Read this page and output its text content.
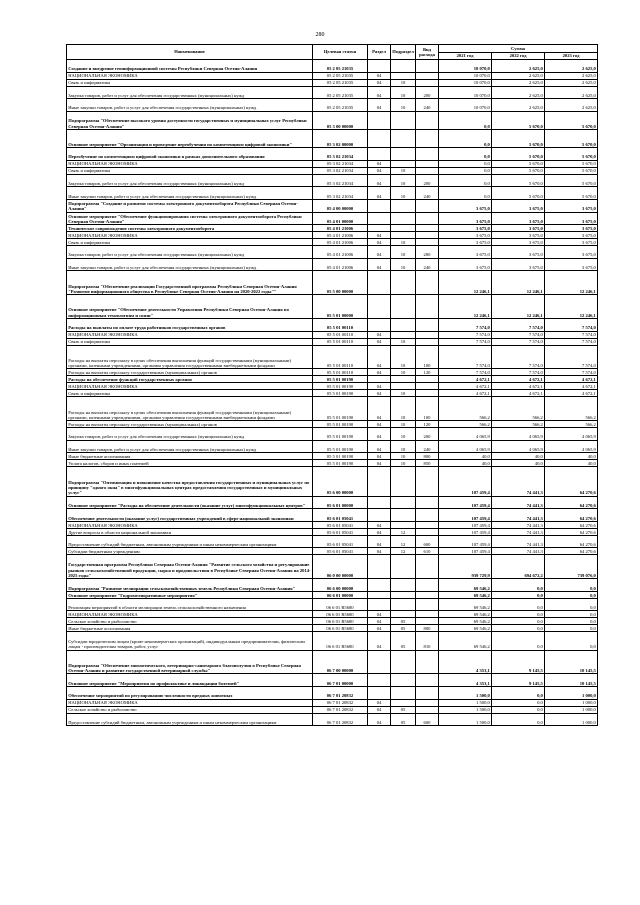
280
Наименование	Целевая статья	Раздел	Подраздел	Вид расхода	Сумма		
					2021 год	2022 год	2023 год
Создание и внедрение геоинформационной системы Республики Северная Осетия-Алания	05 2 05 21035				10 070,0	2 625,0	2 625,0
НАЦИОНАЛЬНАЯ ЭКОНОМИКА	05 2 05 21035	04			10 070,0	2 625,0	2 625,0
Связь и информатика	05 2 05 21035	04	10		10 070,0	2 625,0	2 625,0
Закупка товаров, работ и услуг для обеспечения государственных (муниципальных) нужд	05 2 05 21035	04	10	200	10 070,0	2 625,0	2 625,0
Иные закупки товаров, работ и услуг для обеспечения государственных (муниципальных) нужд	05 2 05 21035	04	10	240	10 070,0	2 625,0	2 625,0
Подпрограмма "Обеспечение высокого уровня доступности государственных и муниципальных услуг Республики Северная Осетия-Алания"	05 3 00 00000				0,0	5 670,0	5 670,0
Основное мероприятие "Организация и проведение переобучения по компетенциям цифровой экономики"	05 3 02 00000				0,0	5 670,0	5 670,0
Переобучение по компетенциям цифровой экономики в рамках дополнительного образования	05 3 02 21034				0,0	5 670,0	5 670,0
НАЦИОНАЛЬНАЯ ЭКОНОМИКА	05 3 02 21034	04			0,0	5 670,0	5 670,0
Связь и информатика	05 3 02 21034	04	10		0,0	5 670,0	5 670,0
Закупка товаров, работ и услуг для обеспечения государственных (муниципальных) нужд	05 3 02 21034	04	10	200	0,0	5 670,0	5 670,0
Иные закупки товаров, работ и услуг для обеспечения государственных (муниципальных) нужд	05 3 02 21034	04	10	240	0,0	5 670,0	5 670,0
Подпрограмма "Создание и развитие системы электронного документооборота Республики Северная Осетия-Алания"	05 4 00 00000				3 675,0	3 675,0	3 675,0
Основное мероприятие "Обеспечение функционирования системы электронного документооборота Республики Северная Осетия-Алания"	05 4 01 00000				3 675,0	3 675,0	3 675,0
Техническое сопровождение системы электронного документооборота	05 4 01 21006				3 675,0	3 675,0	3 675,0
НАЦИОНАЛЬНАЯ ЭКОНОМИКА	05 4 01 21006	04			3 675,0	3 675,0	3 675,0
Связь и информатика	05 4 01 21006	04	10		3 675,0	3 675,0	3 675,0
Закупка товаров, работ и услуг для обеспечения государственных (муниципальных) нужд	05 4 01 21006	04	10	200	3 675,0	3 675,0	3 675,0
Иные закупки товаров, работ и услуг для обеспечения государственных (муниципальных) нужд	05 4 01 21006	04	10	240	3 675,0	3 675,0	3 675,0
Подпрограмма "Обеспечение реализации Государственной программы Республики Северная Осетия-Алания "Развитие информационного общества в Республике Северная Осетия-Алания на 2020-2022 годы""	05 5 00 00000				12 246,1	12 246,1	12 246,1
Основное мероприятие "Обеспечение деятельности Управления Республики Северная Осетия-Алания по информационным технологиям и связи"	05 5 01 00000				12 246,1	12 246,1	12 246,1
Расходы на выплаты по оплате труда работников государственных органов	05 5 01 00110				7 574,0	7 574,0	7 574,0
НАЦИОНАЛЬНАЯ ЭКОНОМИКА	05 5 01 00110	04			7 574,0	7 574,0	7 574,0
Связь и информатика	05 5 01 00110	04	10		7 574,0	7 574,0	7 574,0
Расходы на выплаты персоналу в целях обеспечения выполнения функций государственными (муниципальными) органами, казенными учреждениями, органами управления государственными внебюджетными фондами	05 5 01 00110	04	10	100	7 574,0	7 574,0	7 574,0
Расходы на выплаты персоналу государственных (муниципальных) органов	05 5 01 00110	04	10	120	7 574,0	7 574,0	7 574,0
Расходы на обеспечение функций государственных органов	05 5 01 00190				4 672,1	4 672,1	4 672,1
НАЦИОНАЛЬНАЯ ЭКОНОМИКА	05 5 01 00190	04			4 672,1	4 672,1	4 672,1
Связь и информатика	05 5 01 00190	04	10		4 672,1	4 672,1	4 672,1
Расходы на выплаты персоналу в целях обеспечения выполнения функций государственными (муниципальными) органами, казенными учреждениями, органами управления государственными внебюджетными фондами	05 5 01 00190	04	10	100	566,2	566,2	566,2
Расходы на выплаты персоналу государственных (муниципальных) органов	05 5 01 00190	04	10	120	566,2	566,2	566,2
Закупка товаров, работ и услуг для обеспечения государственных (муниципальных) нужд	05 5 01 00190	04	10	200	4 065,9	4 065,9	4 065,9
Иные закупки товаров, работ и услуг для обеспечения государственных (муниципальных) нужд	05 5 01 00190	04	10	240	4 065,9	4 065,9	4 065,9
Иные бюджетные ассигнования	05 5 01 00190	04	10	800	40,0	40,0	40,0
Уплата налогов, сборов и иных платежей	05 5 01 00190	04	10	850	40,0	40,0	40,0
Подпрограмма "Оптимизация и повышение качества предоставления государственных и муниципальных услуг по принципу "одного окна" в многофункциональных центрах предоставления государственных и муниципальных услуг"	05 6 00 00000				107 459,4	74 441,3	64 270,6
Основное мероприятие "Расходы на обеспечение деятельности (оказание услуг) многофункциональных центров"	05 6 01 00000				107 459,4	74 441,3	64 270,6
Обеспечение деятельности (оказание услуг) государственных учреждений в сфере национальной экономики	05 6 01 05041				107 459,4	74 441,3	64 270,6
НАЦИОНАЛЬНАЯ ЭКОНОМИКА	05 6 01 05041	04			107 459,4	74 441,3	64 270,6
Другие вопросы в области национальной экономики	05 6 01 05041	04	12		107 459,4	74 441,3	64 270,6
Предоставление субсидий бюджетным, автономным учреждениям и иным некоммерческим организациям	05 6 01 05041	04	12	600	107 459,4	74 441,3	64 270,6
Субсидии бюджетным учреждениям	05 6 01 05041	04	12	610	107 459,4	74 441,3	64 270,6
Государственная программа Республики Северная Осетия-Алания "Развитие сельского хозяйства и регулирование рынков сельскохозяйственной продукции, сырья и продовольствия в Республике Северная Осетия-Алания на 2014-2025 годы"	06 0 00 00000				939 729,9	694 672,2	739 076,0
Подпрограмма "Развитие мелиорации сельскохозяйственных земель Республики Северная Осетия-Алания"	06 6 00 00000				69 546,2	0,0	0,0
Основное мероприятие "Гидромелиоративные мероприятия"	06 6 01 00000				69 546,2	0,0	0,0
Реализация мероприятий в области мелиорации земель сельскохозяйственного назначения	06 6 01 R5680				69 546,2	0,0	0,0
НАЦИОНАЛЬНАЯ ЭКОНОМИКА	06 6 01 R5680	04			69 546,2	0,0	0,0
Сельское хозяйство и рыболовство	06 6 01 R5680	04	05		69 546,2	0,0	0,0
Иные бюджетные ассигнования	06 6 01 R5680	04	05	800	69 546,2	0,0	0,0
Субсидии юридическим лицам (кроме некоммерческих организаций), индивидуальным предпринимателям, физическим лицам - производителям товаров, работ, услуг	06 6 01 R5680	04	05	810	69 546,2	0,0	0,0
Подпрограмма "Обеспечение эпизоотического, ветеринарно-санитарного благополучия в Республике Северная Осетия-Алания и развитие государственной ветеринарной службы"	06 7 00 00000				4 353,1	9 145,5	10 145,5
Основное мероприятие "Мероприятия по профилактике и ликвидации болезней"	06 7 01 00000				4 353,1	9 145,5	10 145,5
Обеспечение мероприятий по регулированию численности вредных животных	06 7 01 20832				1 500,0	0,0	1 000,0
НАЦИОНАЛЬНАЯ ЭКОНОМИКА	06 7 01 20832	04			1 500,0	0,0	1 000,0
Сельское хозяйство и рыболовство	06 7 01 20832	04	05		1 500,0	0,0	1 000,0
Предоставление субсидий бюджетным, автономным учреждениям и иным некоммерческим организациям	06 7 01 20832	04	05	600	1 500,0	0,0	1 000,0
